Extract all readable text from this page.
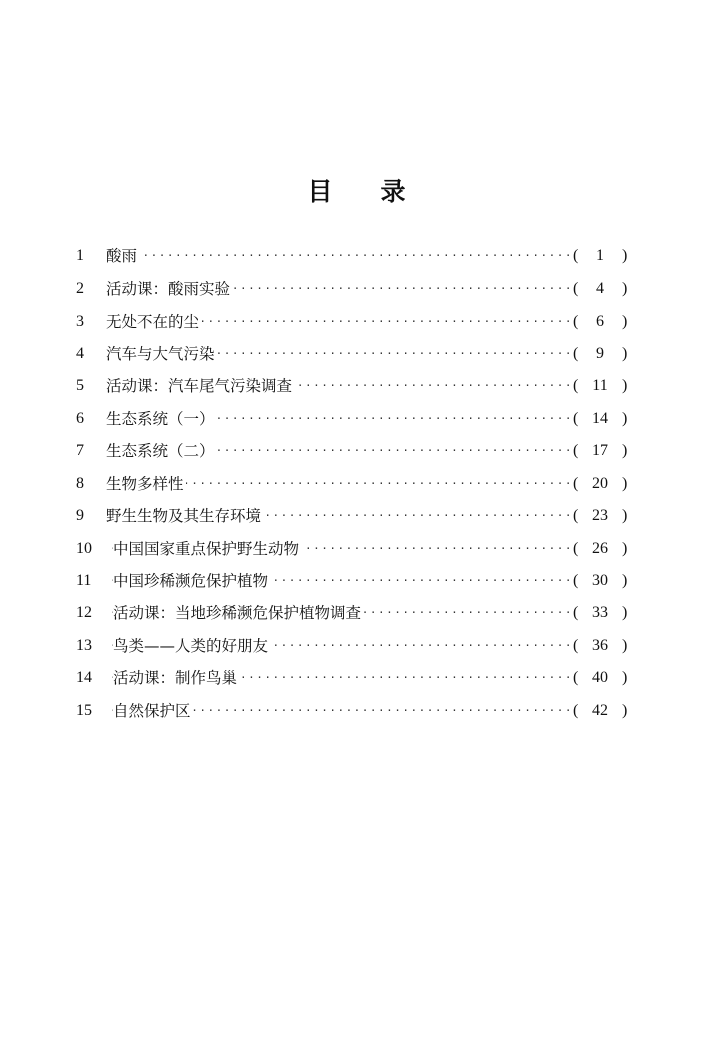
目 录
1 ·····	酸雨	(	1	)
2 ·····	活动课：酸雨实验	(	4	)
3 ·····	无处不在的尘	(	6	)
4 ·····	汽车与大气污染	(	9	)
5 ·····	活动课：汽车尾气污染调查	( 11 )
6 ·····	生态系统（一）	( 14 )
7 ·····	生态系统（二）	( 17 )
8 ·····	生物多样性	( 20 )
9 ·····	野生生物及其生存环境	( 23 )
10 ·····	中国国家重点保护野生动物	( 26 )
11 ·····	中国珍稀濒危保护植物	( 30 )
12 ·····	活动课：当地珍稀濒危保护植物调查	( 33 )
13 ·····	鸟类——人类的好朋友	( 36 )
14 ·····	活动课：制作鸟巢	( 40 )
15 ·····	自然保护区	( 42 )
